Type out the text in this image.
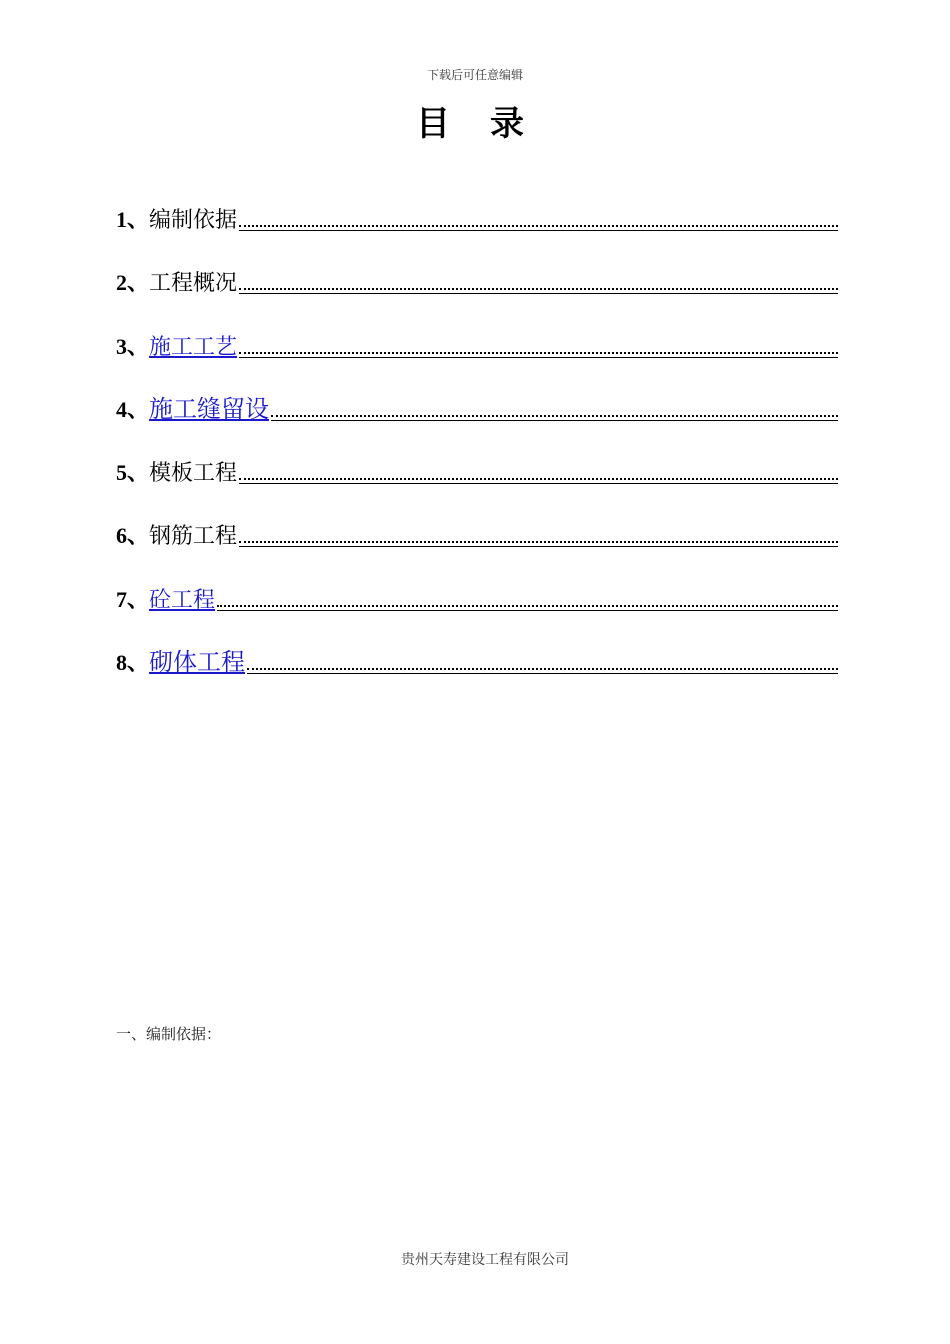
下载后可任意编辑
目录
1、 编制依据
2、 工程概况
3、 施工工艺
4、 施工缝留设
5、 模板工程
6、 钢筋工程
7、 砼工程
8、 砌体工程
一、编制依据：
贵州天寿建设工程有限公司
